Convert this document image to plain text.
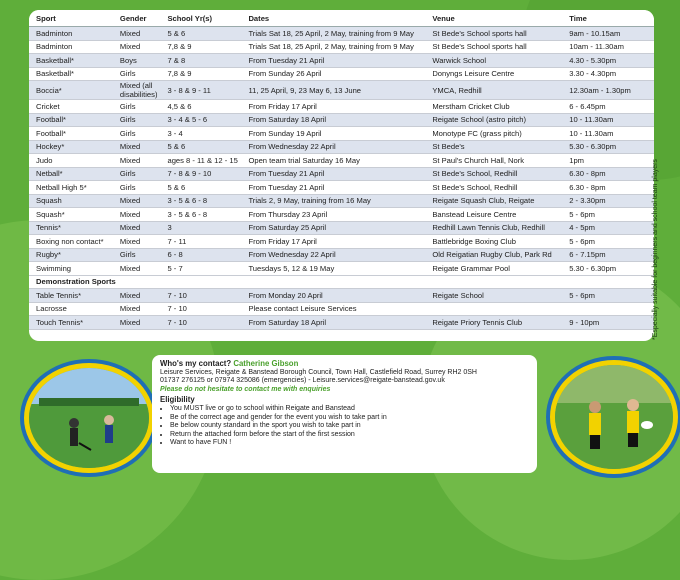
Sport	Gender	School Yr(s)	Dates	Venue	Time
Badminton	Mixed	5 & 6	Trials Sat 18, 25 April, 2 May, training from 9 May	St Bede's School sports hall	9am - 10.15am
Badminton	Mixed	7,8 & 9	Trials Sat 18, 25 April, 2 May, training from 9 May	St Bede's School sports hall	10am - 11.30am
Basketball*	Boys	7 & 8	From Tuesday 21 April	Warwick School	4.30 - 5.30pm
Basketball*	Girls	7,8 & 9	From Sunday 26 April	Donyngs Leisure Centre	3.30 - 4.30pm
Boccia*	Mixed (all disabilities)	3 - 8 & 9 - 11	11, 25 April, 9, 23 May 6, 13 June	YMCA, Redhill	12.30am - 1.30pm
Cricket	Girls	4,5 & 6	From Friday 17 April	Merstham Cricket Club	6 - 6.45pm
Football*	Girls	3 - 4 & 5 - 6	From Saturday 18 April	Reigate School (astro pitch)	10 - 11.30am
Football*	Girls	3 - 4	From Sunday 19 April	Monotype FC (grass pitch)	10 - 11.30am
Hockey*	Mixed	5 & 6	From Wednesday 22 April	St Bede's	5.30 - 6.30pm
Judo	Mixed	ages 8 - 11 & 12 - 15	Open team trial Saturday 16 May	St Paul's Church Hall, Nork	1pm
Netball*	Girls	7 - 8 & 9 - 10	From Tuesday 21 April	St Bede's School, Redhill	6.30 - 8pm
Netball High 5*	Girls	5 & 6	From Tuesday 21 April	St Bede's School, Redhill	6.30 - 8pm
Squash	Mixed	3 - 5 & 6 - 8	Trials 2, 9 May, training from 16 May	Reigate Squash Club, Reigate	2 - 3.30pm
Squash*	Mixed	3 - 5 & 6 - 8	From Thursday 23 April	Banstead Leisure Centre	5 - 6pm
Tennis*	Mixed	3	From Saturday 25 April	Redhill Lawn Tennis Club, Redhill	4 - 5pm
Boxing non contact*	Mixed	7 - 11	From Friday 17 April	Battlebridge Boxing Club	5 - 6pm
Rugby*	Girls	6 - 8	From Wednesday 22 April	Old Reigatian Rugby Club, Park Rd	6 - 7.15pm
Swimming	Mixed	5 - 7	Tuesdays 5, 12 & 19 May	Reigate Grammar Pool	5.30 - 6.30pm
Demonstration Sports					
Table Tennis*	Mixed	7 - 10	From Monday 20 April	Reigate School	5 - 6pm
Lacrosse	Mixed	7 - 10	Please contact Leisure Services		
Touch Tennis*	Mixed	7 - 10	From Saturday 18 April	Reigate Priory Tennis Club	9 - 10pm	*Especially suitable for beginners and school team players
Who's my contact? Catherine Gibson
Leisure Services, Reigate & Banstead Borough Council, Town Hall, Castlefield Road, Surrey RH2 0SH
01737 276125 or 07974 325086 (emergencies) - Leisure.services@reigate-banstead.gov.uk
Please do not hesitate to contact me with enquiries
Eligibility
• You MUST live or go to school within Reigate and Banstead
• Be of the correct age and gender for the event you wish to take part in
• Be below county standard in the sport you wish to take part in
• Return the attached form before the start of the first session
• Want to have FUN !
